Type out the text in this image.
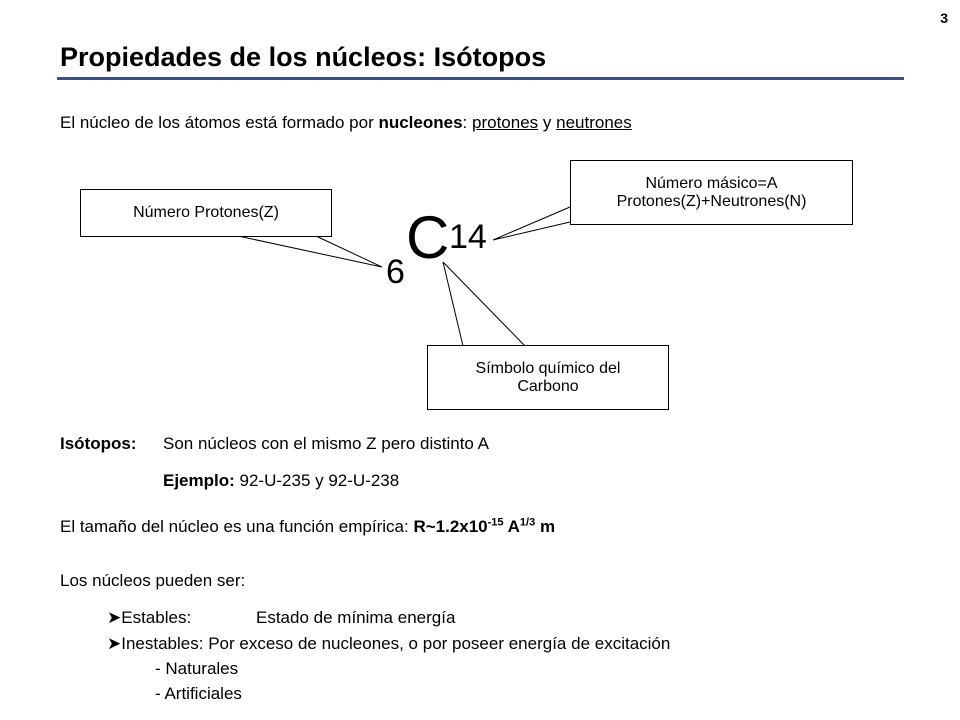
3
Propiedades de los núcleos: Isótopos
El núcleo de los átomos está formado por nucleones: protones y neutrones
Número Protones(Z)
Número másico=A
Protones(Z)+Neutrones(N)
Símbolo químico del
Carbono
C 14
6
Isótopos: Son núcleos con el mismo Z pero distinto A
Ejemplo: 92-U-235 y 92-U-238
El tamaño del núcleo es una función empírica: $R\sim 1.2x10^{-15}$ $A^{1/3}$ m
Los núcleos pueden ser:
➤Estables:	Estado de mínima energía
➤Inestables: Por exceso de nucleones, o por poseer energía de excitación
- Naturales
- Artificiales
